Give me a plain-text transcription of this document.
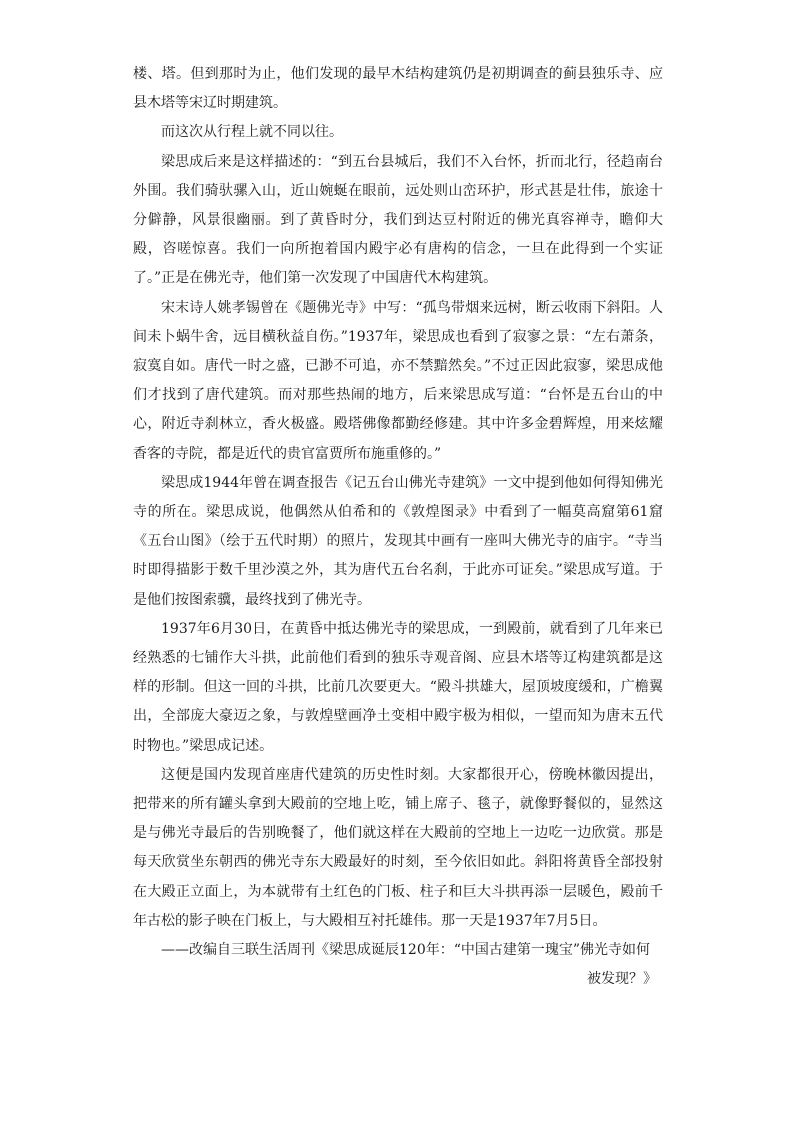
楼、塔。但到那时为止，他们发现的最早木结构建筑仍是初期调查的蓟县独乐寺、应县木塔等宋辽时期建筑。

而这次从行程上就不同以往。

梁思成后来是这样描述的：“到五台县城后，我们不入台怀，折而北行，径趋南台外围。我们骑驮骡入山，近山婉蜒在眼前，远处则山峦环护，形式甚是壮伟，旅途十分僻静，风景很幽丽。到了黄昏时分，我们到达豆村附近的佛光真容禅寺，瞻仰大殿，咨嗟惊喜。我们一向所抱着国内殿宇必有唐构的信念，一旦在此得到一个实证了。”正是在佛光寺，他们第一次发现了中国唐代木构建筑。

宋末诗人姚孝锡曾在《题佛光寺》中写：“孤鸟带烟来远树，断云收雨下斜阳。人间未卜蜗牛舍，远目横秋益自伤。”1937年，梁思成也看到了寂寥之景：“左右萧条，寂寞自如。唐代一时之盛，已渺不可追，亦不禁黯然矣。”不过正因此寂寥，梁思成他们才找到了唐代建筑。而对那些热闹的地方，后来梁思成写道：“台怀是五台山的中心，附近寺刹林立，香火极盛。殿塔佛像都勤经修建。其中许多金碧辉煌，用来炫耀香客的寺院，都是近代的贵官富贾所布施重修的。”

梁思成1944年曾在调查报告《记五台山佛光寺建筑》一文中提到他如何得知佛光寺的所在。梁思成说，他偶然从伯希和的《敦煌图录》中看到了一幅莫高窟第61窟《五台山图》（绘于五代时期）的照片，发现其中画有一座叫大佛光寺的庙宇。“寺当时即得描影于数千里沙漠之外，其为唐代五台名刹，于此亦可证矣。”梁思成写道。于是他们按图索骥，最终找到了佛光寺。

1937年6月30日，在黄昏中抵达佛光寺的梁思成，一到殿前，就看到了几年来已经熟悉的七铺作大斗拱，此前他们看到的独乐寺观音阁、应县木塔等辽构建筑都是这样的形制。但这一回的斗拱，比前几次要更大。“殿斗拱雄大，屋顶坡度缓和，广檐翼出，全部庞大豪迈之象，与敦煌壁画净土变相中殿宇极为相似，一望而知为唐末五代时物也。”梁思成记述。

这便是国内发现首座唐代建筑的历史性时刻。大家都很开心，傍晚林徽因提出，把带来的所有罐头拿到大殿前的空地上吃，铺上席子、毯子，就像野餐似的，显然这是与佛光寺最后的告别晚餐了，他们就这样在大殿前的空地上一边吃一边欣赏。那是每天欣赏坐东朝西的佛光寺东大殿最好的时刻，至今依旧如此。斜阳将黄昏全部投射在大殿正立面上，为本就带有土红色的门板、柱子和巨大斗拱再添一层暖色，殿前千年古松的影子映在门板上，与大殿相互衬托雄伟。那一天是1937年7月5日。

——改编自三联生活周刊《梁思成诞辰120年：“中国古建第一瑰宝”佛光寺如何

被发现？》
